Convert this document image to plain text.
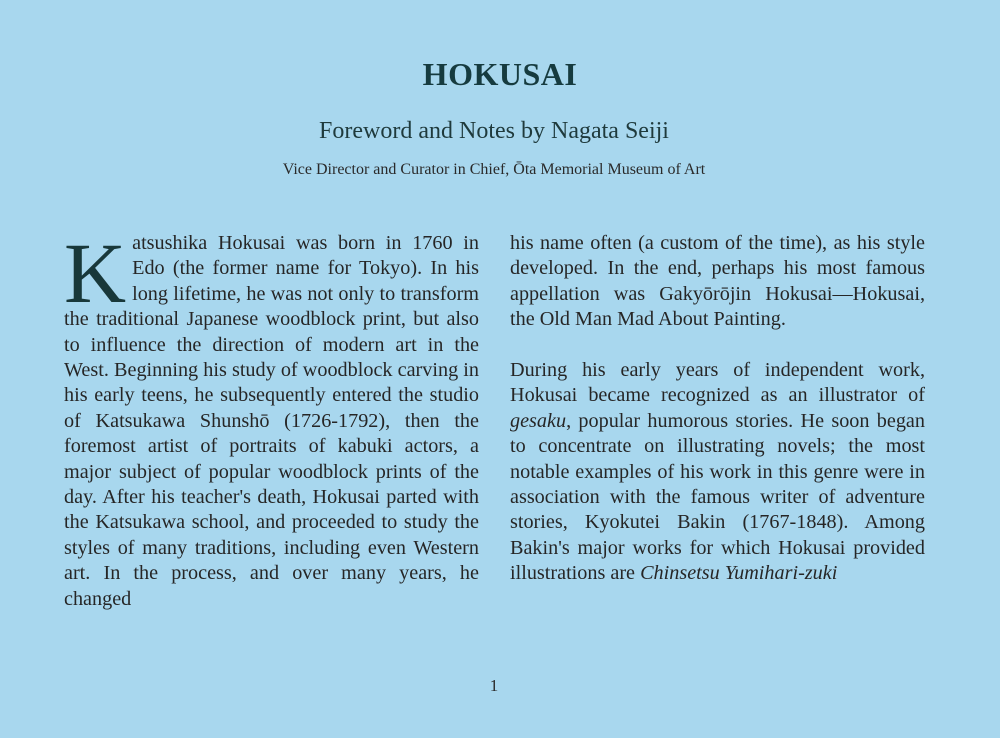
HOKUSAI
Foreword and Notes by Nagata Seiji
Vice Director and Curator in Chief, Ōta Memorial Museum of Art

Katsushika Hokusai was born in 1760 in Edo (the former name for Tokyo). In his long lifetime, he was not only to transform the traditional Japanese woodblock print, but also to influence the direction of modern art in the West. Beginning his study of woodblock carving in his early teens, he subsequently entered the studio of Katsukawa Shunshō (1726-1792), then the foremost artist of portraits of kabuki actors, a major subject of popular woodblock prints of the day. After his teacher's death, Hokusai parted with the Katsukawa school, and proceeded to study the styles of many traditions, including even Western art. In the process, and over many years, he changed

his name often (a custom of the time), as his style developed. In the end, perhaps his most famous appellation was Gakyōrōjin Hokusai—Hokusai, the Old Man Mad About Painting.

During his early years of independent work, Hokusai became recognized as an illustrator of gesaku, popular humorous stories. He soon began to concentrate on illustrating novels; the most notable examples of his work in this genre were in association with the famous writer of adventure stories, Kyokutei Bakin (1767-1848). Among Bakin's major works for which Hokusai provided illustrations are Chinsetsu Yumihari-zuki

1
